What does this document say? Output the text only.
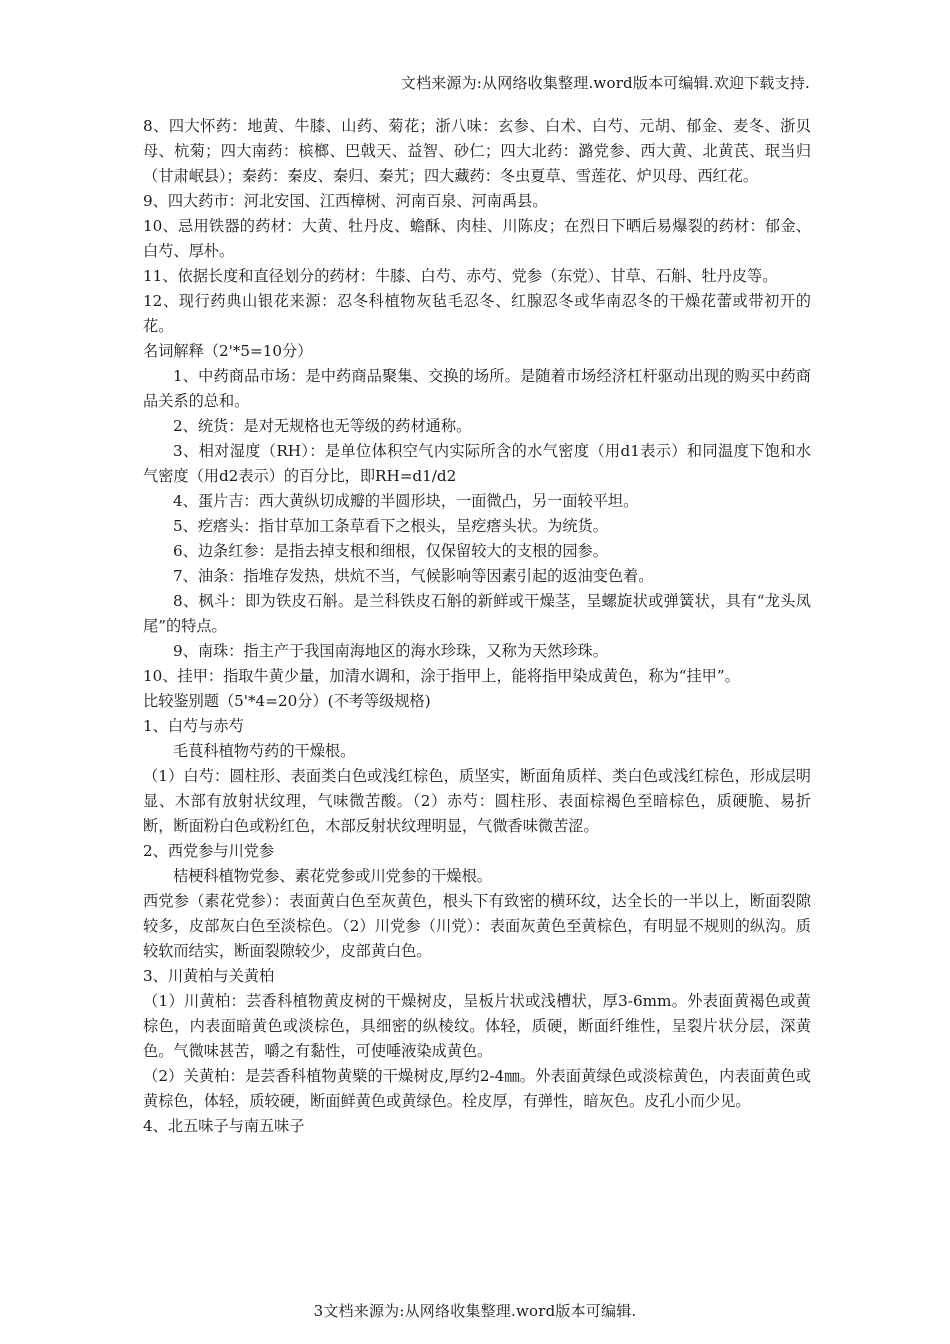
文档来源为:从网络收集整理.word版本可编辑.欢迎下载支持.

8、四大怀药：地黄、牛膝、山药、菊花；浙八味：玄参、白术、白芍、元胡、郁金、麦冬、浙贝母、杭菊；四大南药：槟榔、巴戟天、益智、砂仁；四大北药：潞党参、西大黄、北黄芪、珉当归（甘肃岷县）；秦药：秦皮、秦归、秦艽；四大藏药：冬虫夏草、雪莲花、炉贝母、西红花。

9、四大药市：河北安国、江西樟树、河南百泉、河南禹县。

10、忌用铁器的药材：大黄、牡丹皮、蟾酥、肉桂、川陈皮；在烈日下晒后易爆裂的药材：郁金、白芍、厚朴。

11、依据长度和直径划分的药材：牛膝、白芍、赤芍、党参（东党）、甘草、石斛、牡丹皮等。

12、现行药典山银花来源：忍冬科植物灰毡毛忍冬、红腺忍冬或华南忍冬的干燥花蕾或带初开的花。

名词解释（2'*5=10分）

1、中药商品市场：是中药商品聚集、交换的场所。是随着市场经济杠杆驱动出现的购买中药商品关系的总和。

2、统货：是对无规格也无等级的药材通称。

3、相对湿度（RH）：是单位体积空气内实际所含的水气密度（用d1表示）和同温度下饱和水气密度（用d2表示）的百分比，即RH=d1/d2

4、蛋片吉：西大黄纵切成瓣的半圆形块，一面微凸，另一面较平坦。

5、疙瘩头：指甘草加工条草看下之根头，呈疙瘩头状。为统货。

6、边条红参：是指去掉支根和细根，仅保留较大的支根的园参。

7、油条：指堆存发热，烘炕不当，气候影响等因素引起的返油变色着。

8、枫斗：即为铁皮石斛。是兰科铁皮石斛的新鲜或干燥茎，呈螺旋状或弹簧状，具有“龙头凤尾”的特点。

9、南珠：指主产于我国南海地区的海水珍珠，又称为天然珍珠。

10、挂甲：指取牛黄少量，加清水调和，涂于指甲上，能将指甲染成黄色，称为“挂甲”。

比较鉴别题（5'*4=20分）(不考等级规格)

1、白芍与赤芍

毛茛科植物芍药的干燥根。

（1）白芍：圆柱形、表面类白色或浅红棕色，质坚实，断面角质样、类白色或浅红棕色，形成层明显、木部有放射状纹理，气味微苦酸。（2）赤芍：圆柱形、表面棕褐色至暗棕色，质硬脆、易折断，断面粉白色或粉红色，木部反射状纹理明显，气微香味微苦涩。

2、西党参与川党参

桔梗科植物党参、素花党参或川党参的干燥根。

西党参（素花党参）：表面黄白色至灰黄色，根头下有致密的横环纹，达全长的一半以上，断面裂隙较多，皮部灰白色至淡棕色。（2）川党参（川党）：表面灰黄色至黄棕色，有明显不规则的纵沟。质较软而结实，断面裂隙较少，皮部黄白色。

3、川黄柏与关黄柏

（1）川黄柏：芸香科植物黄皮树的干燥树皮，呈板片状或浅槽状，厚3-6mm。外表面黄褐色或黄棕色，内表面暗黄色或淡棕色，具细密的纵棱纹。体轻，质硬，断面纤维性，呈裂片状分层，深黄色。气微味甚苦，嚼之有黏性，可使唾液染成黄色。

（2）关黄柏：是芸香科植物黄檗的干燥树皮,厚约2-4㎜。外表面黄绿色或淡棕黄色，内表面黄色或黄棕色，体轻，质较硬，断面鲜黄色或黄绿色。栓皮厚，有弹性，暗灰色。皮孔小而少见。

4、北五味子与南五味子

3文档来源为:从网络收集整理.word版本可编辑.
